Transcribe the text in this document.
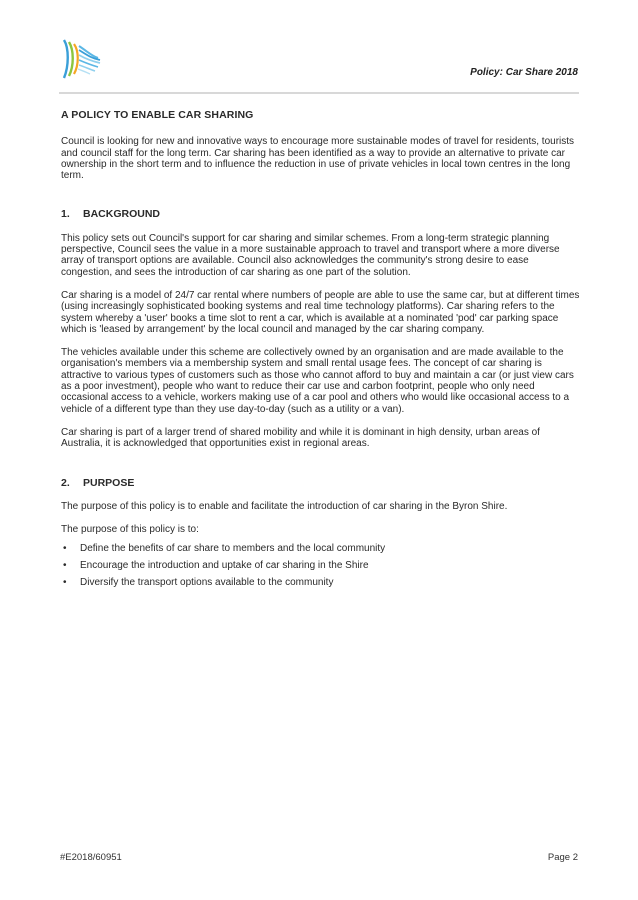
Policy: Car Share 2018
A POLICY TO ENABLE CAR SHARING

Council is looking for new and innovative ways to encourage more sustainable modes of travel for residents, tourists and council staff for the long term. Car sharing has been identified as a way to provide an alternative to private car ownership in the short term and to influence the reduction in use of private vehicles in local town centres in the long term.

1.	BACKGROUND

This policy sets out Council's support for car sharing and similar schemes. From a long-term strategic planning perspective, Council sees the value in a more sustainable approach to travel and transport where a more diverse array of transport options are available. Council also acknowledges the community's strong desire to ease congestion, and sees the introduction of car sharing as one part of the solution.

Car sharing is a model of 24/7 car rental where numbers of people are able to use the same car, but at different times (using increasingly sophisticated booking systems and real time technology platforms). Car sharing refers to the system whereby a 'user' books a time slot to rent a car, which is available at a nominated 'pod' car parking space which is 'leased by arrangement' by the local council and managed by the car sharing company.

The vehicles available under this scheme are collectively owned by an organisation and are made available to the organisation's members via a membership system and small rental usage fees. The concept of car sharing is attractive to various types of customers such as those who cannot afford to buy and maintain a car (or just view cars as a poor investment), people who want to reduce their car use and carbon footprint, people who only need occasional access to a vehicle, workers making use of a car pool and others who would like occasional access to a vehicle of a different type than they use day-to-day (such as a utility or a van).

Car sharing is part of a larger trend of shared mobility and while it is dominant in high density, urban areas of Australia, it is acknowledged that opportunities exist in regional areas.

2.	PURPOSE

The purpose of this policy is to enable and facilitate the introduction of car sharing in the Byron Shire.

The purpose of this policy is to:

• Define the benefits of car share to members and the local community
• Encourage the introduction and uptake of car sharing in the Shire
• Diversify the transport options available to the community
#E2018/60951	Page 2
